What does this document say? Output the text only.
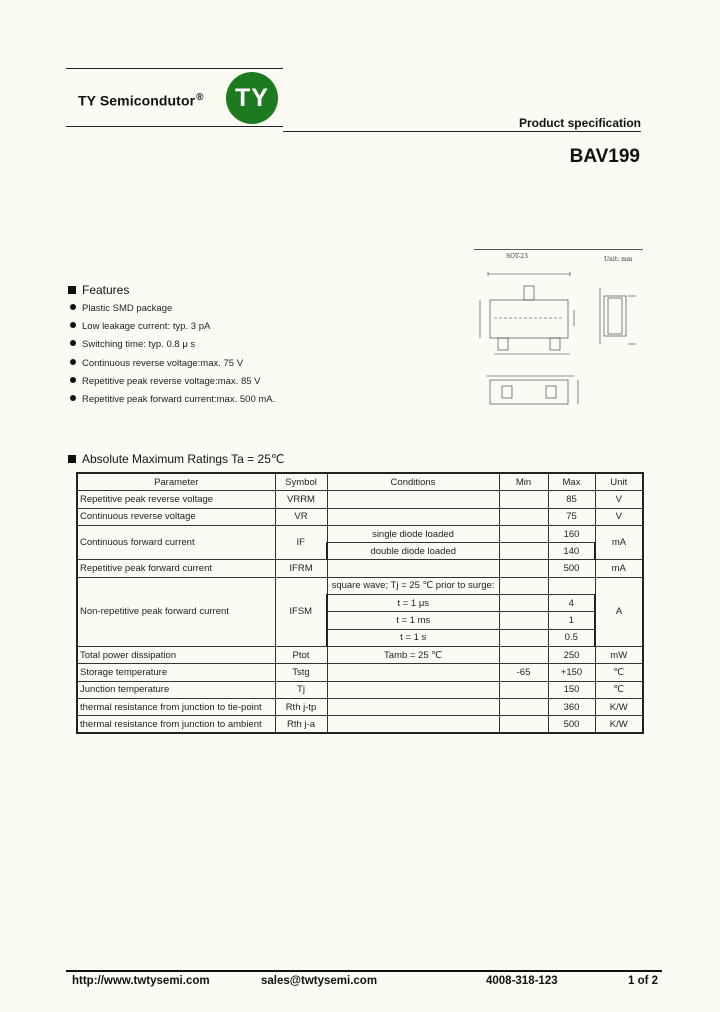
TY Semicondutor®	TY
Product specification
BAV199
SOT-23	Unit: mm
Features
Plastic SMD package
Low leakage current: typ. 3 pA
Switching time: typ. 0.8 μ s
Continuous reverse voltage:max. 75 V
Repetitive peak reverse voltage:max. 85 V
Repetitive peak forward current:max. 500 mA.
Absolute Maximum Ratings Ta = 25℃
Parameter	Symbol	Conditions	Min	Max	Unit
Repetitive peak reverse voltage	VRRM			85	V
Continuous reverse voltage	VR			75	V
Continuous forward current	IF	single diode loaded		160	mA
		double diode loaded		140	
Repetitive peak forward current	IFRM			500	mA
Non-repetitive peak forward current	IFSM	square wave; Tj = 25 ℃ prior to surge:			A
		t = 1 μs		4	
		t = 1 ms		1	
		t = 1 s		0.5	
Total power dissipation	Ptot	Tamb = 25 ℃		250	mW
Storage temperature	Tstg		-65	+150	℃
Junction temperature	Tj			150	℃
thermal resistance from junction to tie-point	Rth j-tp			360	K/W
thermal resistance from junction to ambient	Rth j-a			500	K/W
http://www.twtysemi.com	sales@twtysemi.com	4008-318-123	1 of 2
